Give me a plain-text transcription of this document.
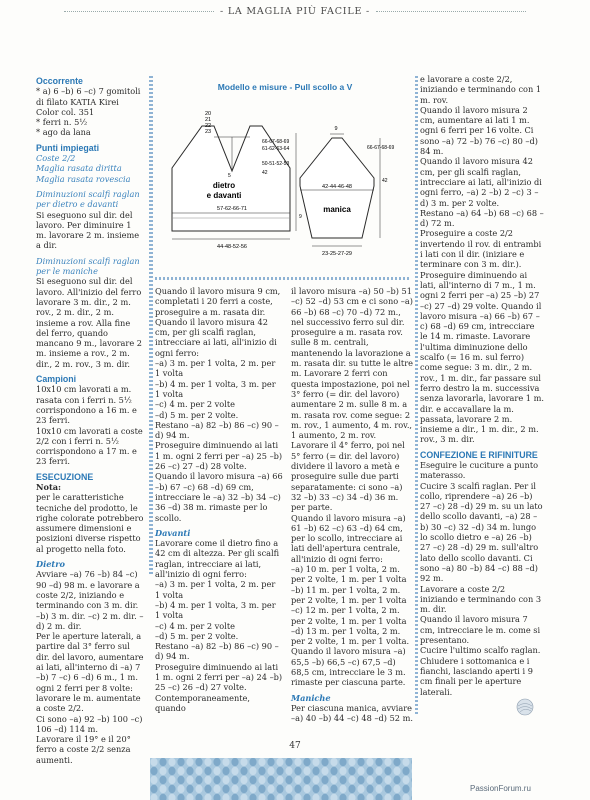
- LA MAGLIA PIÙ FACILE -

Occorrente

* a) 6 –b) 6 –c) 7 gomitoli di filato KATIA Kirei Color col. 351

* ferri n. 5½

* ago da lana

Punti impiegati

Coste 2/2

Maglia rasata diritta

Maglia rasata rovescia

Diminuzioni scalfi raglan per dietro e davanti

Si eseguono sul dir. del lavoro. Per diminuire 1 m. lavorare 2 m. insieme a dir.

Diminuzioni scalfi raglan per le maniche

Si eseguono sul dir. del lavoro. All'inizio del ferro lavorare 3 m. dir., 2 m. rov., 2 m. dir., 2 m. insieme a rov. Alla fine del ferro, quando mancano 9 m., lavorare 2 m. insieme a rov., 2 m. dir., 2 m. rov., 3 m. dir.

Campioni

10x10 cm lavorati a m. rasata con i ferri n. 5½ corrispondono a 16 m. e 23 ferri.

10x10 cm lavorati a coste 2/2 con i ferri n. 5½ corrispondono a 17 m. e 23 ferri.

ESECUZIONE

Nota:

per le caratteristiche tecniche del prodotto, le righe colorate potrebbero assumere dimensioni e posizioni diverse rispetto al progetto nella foto.

Dietro

Avviare –a) 76 –b) 84 –c) 90 –d) 98 m. e lavorare a coste 2/2, iniziando e terminando con 3 m. dir. –b) 3 m. dir. –c) 2 m. dir. –d) 2 m. dir.

Per le aperture laterali, a partire dal 3° ferro sul dir. del lavoro, aumentare ai lati, all'interno di –a) 7 –b) 7 –c) 6 –d) 6 m., 1 m. ogni 2 ferri per 8 volte: lavorare le m. aumentate a coste 2/2.

Ci sono –a) 92 –b) 100 –c) 106 –d) 114 m.

Lavorare il 19° e il 20° ferro a coste 2/2 senza aumenti.

Modello e misure - Pull scollo a V
20
21
22
23
5
dietro
e davanti
57-62-66-71
44-48-52-56
66-67-68-69
61-62-63-64
50-51-52-53
42
9
9
42-44-46-48
manica
23-25-27-29
66-67-68-69
42

Quando il lavoro misura 9 cm, completati i 20 ferri a coste, proseguire a m. rasata dir.

Quando il lavoro misura 42 cm, per gli scalfi raglan, intrecciare ai lati, all'inizio di ogni ferro:

–a) 3 m. per 1 volta, 2 m. per 1 volta

–b) 4 m. per 1 volta, 3 m. per 1 volta

–c) 4 m. per 2 volte

–d) 5 m. per 2 volte.

Restano –a) 82 –b) 86 –c) 90 –d) 94 m.

Proseguire diminuendo ai lati 1 m. ogni 2 ferri per –a) 25 –b) 26 –c) 27 –d) 28 volte.

Quando il lavoro misura –a) 66 –b) 67 –c) 68 –d) 69 cm, intrecciare le –a) 32 –b) 34 –c) 36 –d) 38 m. rimaste per lo scollo.

Davanti

Lavorare come il dietro fino a 42 cm di altezza. Per gli scalfi raglan, intrecciare ai lati, all'inizio di ogni ferro:

–a) 3 m. per 1 volta, 2 m. per 1 volta

–b) 4 m. per 1 volta, 3 m. per 1 volta

–c) 4 m. per 2 volte

–d) 5 m. per 2 volte.

Restano –a) 82 –b) 86 –c) 90 –d) 94 m.

Proseguire diminuendo ai lati 1 m. ogni 2 ferri per –a) 24 –b) 25 –c) 26 –d) 27 volte.

Contemporaneamente, quando

il lavoro misura –a) 50 –b) 51 –c) 52 –d) 53 cm e ci sono –a) 66 –b) 68 –c) 70 –d) 72 m., nel successivo ferro sul dir. proseguire a m. rasata rov. sulle 8 m. centrali, mantenendo la lavorazione a m. rasata dir. su tutte le altre m. Lavorare 2 ferri con questa impostazione, poi nel 3° ferro (= dir. del lavoro) aumentare 2 m. sulle 8 m. a m. rasata rov. come segue: 2 m. rov., 1 aumento, 4 m. rov., 1 aumento, 2 m. rov. Lavorare il 4° ferro, poi nel 5° ferro (= dir. del lavoro) dividere il lavoro a metà e proseguire sulle due parti separatamente: ci sono –a) 32 –b) 33 –c) 34 –d) 36 m. per parte.

Quando il lavoro misura –a) 61 –b) 62 –c) 63 –d) 64 cm, per lo scollo, intrecciare ai lati dell'apertura centrale, all'inizio di ogni ferro:

–a) 10 m. per 1 volta, 2 m. per 2 volte, 1 m. per 1 volta

–b) 11 m. per 1 volta, 2 m. per 2 volte, 1 m. per 1 volta

–c) 12 m. per 1 volta, 2 m. per 2 volte, 1 m. per 1 volta

–d) 13 m. per 1 volta, 2 m. per 2 volte, 1 m. per 1 volta.

Quando il lavoro misura –a) 65,5 –b) 66,5 –c) 67,5 –d) 68,5 cm, intrecciare le 3 m. rimaste per ciascuna parte.

Maniche

Per ciascuna manica, avviare –a) 40 –b) 44 –c) 48 –d) 52 m.

e lavorare a coste 2/2, iniziando e terminando con 1 m. rov.

Quando il lavoro misura 2 cm, aumentare ai lati 1 m. ogni 6 ferri per 16 volte. Ci sono –a) 72 –b) 76 –c) 80 –d) 84 m.

Quando il lavoro misura 42 cm, per gli scalfi raglan, intrecciare ai lati, all'inizio di ogni ferro, –a) 2 –b) 2 –c) 3 –d) 3 m. per 2 volte.

Restano –a) 64 –b) 68 –c) 68 –d) 72 m.

Proseguire a coste 2/2 invertendo il rov. di entrambi i lati con il dir. (iniziare e terminare con 3 m. dir.).

Proseguire diminuendo ai lati, all'interno di 7 m., 1 m. ogni 2 ferri per –a) 25 –b) 27 –c) 27 –d) 29 volte. Quando il lavoro misura –a) 66 –b) 67 –c) 68 –d) 69 cm, intrecciare le 14 m. rimaste. Lavorare l'ultima diminuzione dello scalfo (= 16 m. sul ferro) come segue: 3 m. dir., 2 m. rov., 1 m. dir., far passare sul ferro destro la m. successiva senza lavorarla, lavorare 1 m. dir. e accavallare la m. passata, lavorare 2 m. insieme a dir., 1 m. dir., 2 m. rov., 3 m. dir.

CONFEZIONE E RIFINITURE

Eseguire le cuciture a punto materasso.

Cucire 3 scalfi raglan. Per il collo, riprendere –a) 26 –b) 27 –c) 28 –d) 29 m. su un lato dello scollo davanti, –a) 28 –b) 30 –c) 32 –d) 34 m. lungo lo scollo dietro e –a) 26 –b) 27 –c) 28 –d) 29 m. sull'altro lato dello scollo davanti. Ci sono –a) 80 –b) 84 –c) 88 –d) 92 m.

Lavorare a coste 2/2 iniziando e terminando con 3 m. dir.

Quando il lavoro misura 7 cm, intrecciare le m. come si presentano.

Cucire l'ultimo scalfo raglan. Chiudere i sottomanica e i fianchi, lasciando aperti i 9 cm finali per le aperture laterali.

47
PassionForum.ru
